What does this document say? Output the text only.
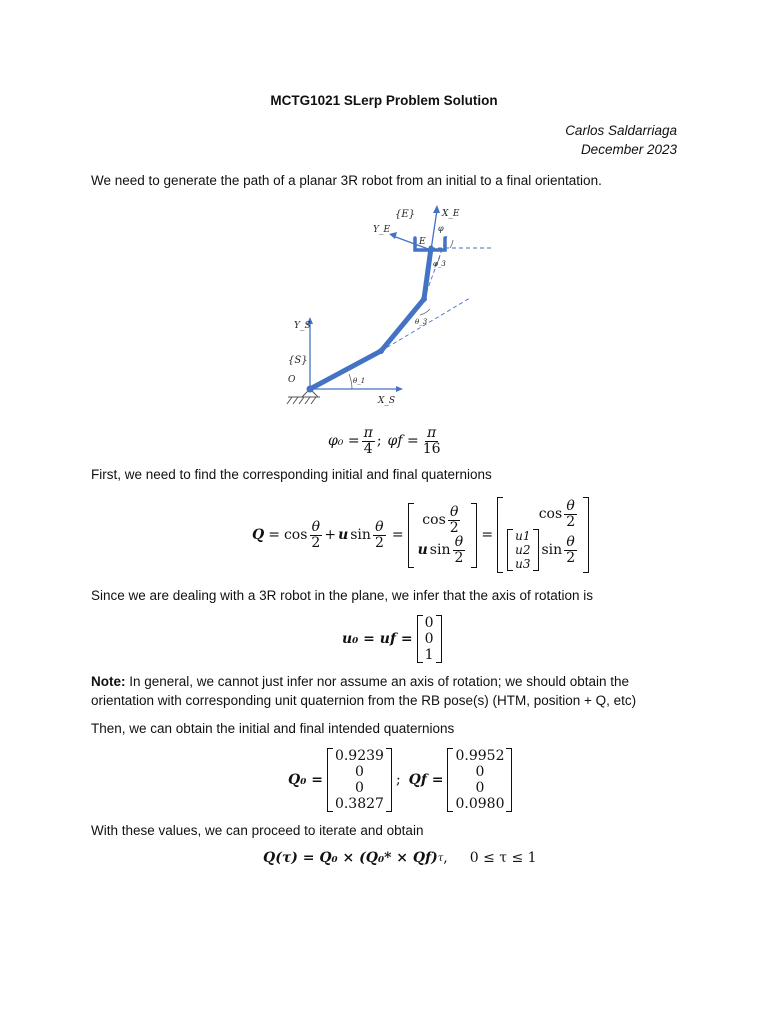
MCTG1021 SLerp Problem Solution
Carlos Saldarriaga
December 2023
We need to generate the path of a planar 3R robot from an initial to a final orientation.
{E}	X_E
Y_E
E
φ
φ_3
θ_3
θ_1
Y_S
X_S
{S}
O
$\varphi_0 = \frac{\pi}{4}$ ; $\varphi f = \frac{\pi}{16}$
First, we need to find the corresponding initial and final quaternions
$Q = \cos \frac{\theta}{2} + u$ $\sin \frac{\theta}{2}$ =
$\cos \frac{\theta}{2}$
u $\sin \frac{\theta}{2}$ =
$\cos \frac{\theta}{2}$
u1
u2
u3
$\sin \frac{\theta}{2}$
Since we are dealing with a 3R robot in the plane, we infer that the axis of rotation is
u₀ = uf =
0
0
1
Note: In general, we cannot just infer nor assume an axis of rotation; we should obtain the orientation with corresponding unit quaternion from the RB pose(s) (HTM, position + Q, etc)
Then, we can obtain the initial and final intended quaternions
Q₀ =
0.9239
0
0
0.3827
; Qf =
0.9952
0
0
0.0980
With these values, we can proceed to iterate and obtain
Q(τ) = Q₀ × (Q₀* × Qf) τ , 0 ≤ τ ≤ 1
